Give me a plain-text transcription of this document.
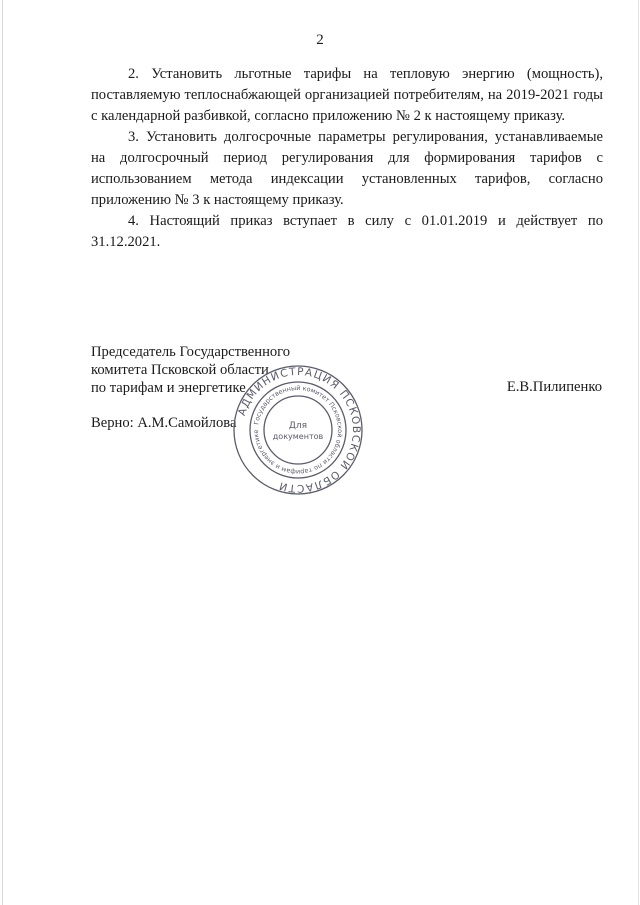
2

2. Установить льготные тарифы на тепловую энергию (мощность), поставляемую теплоснабжающей организацией потребителям, на 2019-2021 годы с календарной разбивкой, согласно приложению № 2 к настоящему приказу.

3. Установить долгосрочные параметры регулирования, устанавливаемые на долгосрочный период регулирования для формирования тарифов с использованием метода индексации установленных тарифов, согласно приложению № 3 к настоящему приказу.

4. Настоящий приказ вступает в силу с 01.01.2019 и действует по 31.12.2021.

Председатель Государственного
комитета Псковской области
по тарифам и энергетике	Е.В.Пилипенко
Верно: А.М.Самойлова
АДМИНИСТРАЦИЯ ПСКОВСКОЙ ОБЛАСТИ
Государственный комитет Псковской области по тарифам и энергетике
Для
документов
